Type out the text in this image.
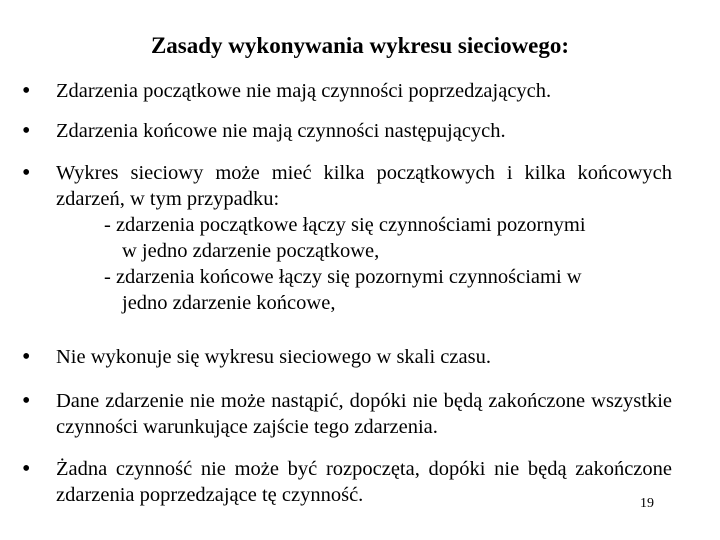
Zasady wykonywania wykresu sieciowego:
• Zdarzenia początkowe nie mają czynności poprzedzających.
• Zdarzenia końcowe nie mają czynności następujących.
• Wykres sieciowy może mieć kilka początkowych i kilka końcowych zdarzeń, w tym przypadku:
- zdarzenia początkowe łączy się czynnościami pozornymi
w jedno zdarzenie początkowe,
- zdarzenia końcowe łączy się pozornymi czynnościami w
jedno zdarzenie końcowe,
• Nie wykonuje się wykresu sieciowego w skali czasu.
• Dane zdarzenie nie może nastąpić, dopóki nie będą zakończone wszystkie czynności warunkujące zajście tego zdarzenia.
• Żadna czynność nie może być rozpoczęta, dopóki nie będą zakończone zdarzenia poprzedzające tę czynność.	19
